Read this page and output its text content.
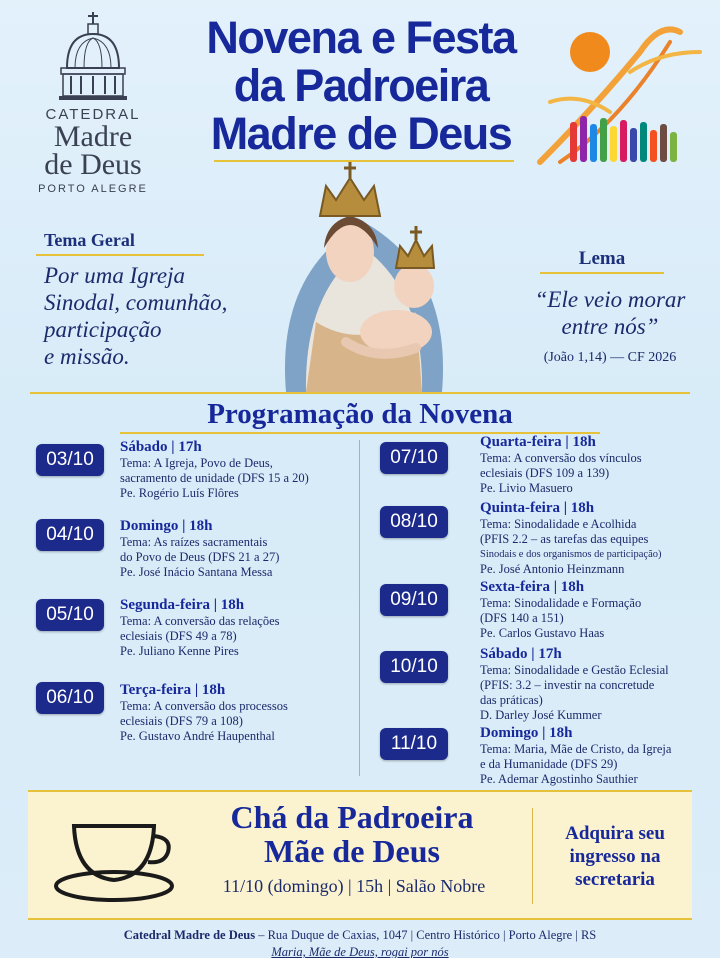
CATEDRAL
Madre
de Deus
PORTO ALEGRE
Novena e Festa
da Padroeira
Madre de Deus
Tema Geral
Por uma Igreja
Sinodal, comunhão,
participação
e missão.
Lema
“Ele veio morar
entre nós”
(João 1,14) — CF 2026
Programação da Novena
03/10
Sábado | 17h
Tema: A Igreja, Povo de Deus,
sacramento de unidade (DFS 15 a 20)
Pe. Rogério Luís Flôres
04/10	Domingo | 18h
Tema: As raízes sacramentais
do Povo de Deus (DFS 21 a 27)
Pe. José Inácio Santana Messa
05/10	Segunda-feira | 18h
Tema: A conversão das relações
eclesiais (DFS 49 a 78)
Pe. Juliano Kenne Pires
06/10	Terça-feira | 18h
Tema: A conversão dos processos
eclesiais (DFS 79 a 108)
Pe. Gustavo André Haupenthal
07/10
Quarta-feira | 18h
Tema: A conversão dos vínculos
eclesiais (DFS 109 a 139)
Pe. Livio Masuero
08/10
Quinta-feira | 18h
Tema: Sinodalidade e Acolhida
(PFIS 2.2 – as tarefas das equipes
Sinodais e dos organismos de participação)
Pe. José Antonio Heinzmann
09/10
Sexta-feira | 18h
Tema: Sinodalidade e Formação
(DFS 140 a 151)
Pe. Carlos Gustavo Haas
10/10
Sábado | 17h
Tema: Sinodalidade e Gestão Eclesial
(PFIS: 3.2 – investir na concretude
das práticas)
D. Darley José Kummer
11/10	Domingo | 18h
Tema: Maria, Mãe de Cristo, da Igreja
e da Humanidade (DFS 29)
Pe. Ademar Agostinho Sauthier
Chá da Padroeira
Mãe de Deus
11/10 (domingo) | 15h | Salão Nobre
Adquira seu
ingresso na
secretaria
Catedral Madre de Deus – Rua Duque de Caxias, 1047 | Centro Histórico | Porto Alegre | RS
Maria, Mãe de Deus, rogai por nós
